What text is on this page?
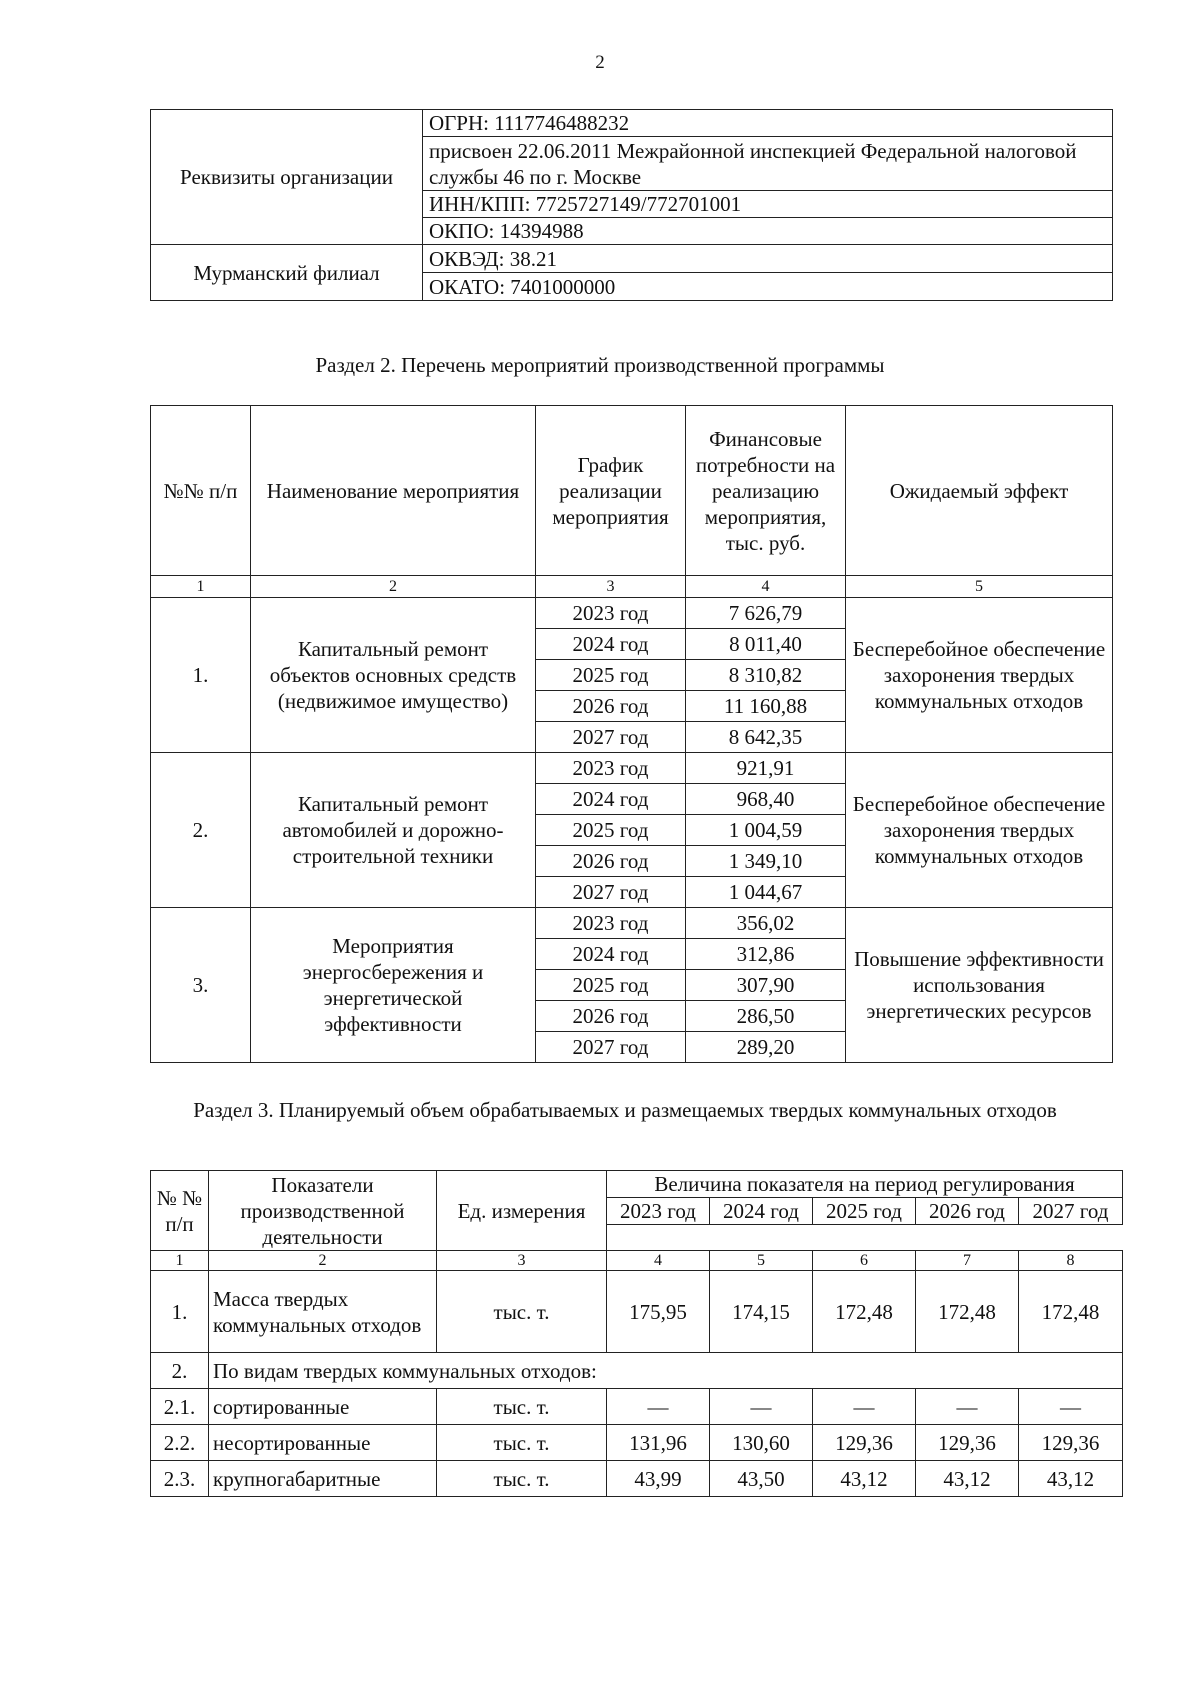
2
Реквизиты организации	ОГРН: 1117746488232
	присвоен 22.06.2011 Межрайонной инспекцией Федеральной налоговой службы 46 по г. Москве
	ИНН/КПП: 7725727149/772701001
	ОКПО: 14394988
Мурманский филиал	ОКВЭД: 38.21
	ОКАТО: 7401000000
Раздел 2. Перечень мероприятий производственной программы
№№ п/п	Наименование мероприятия	График реализации мероприятия	Финансовые потребности на реализацию мероприятия, тыс. руб.	Ожидаемый эффект
1	2	3	4	5
1.	Капитальный ремонт объектов основных средств (недвижимое имущество)	2023 год	7 626,79	Бесперебойное обеспечение захоронения твердых коммунальных отходов
		2024 год	8 011,40	
		2025 год	8 310,82	
		2026 год	11 160,88	
		2027 год	8 642,35	
2.	Капитальный ремонт автомобилей и дорожно-строительной техники	2023 год	921,91	Бесперебойное обеспечение захоронения твердых коммунальных отходов
		2024 год	968,40	
		2025 год	1 004,59	
		2026 год	1 349,10	
		2027 год	1 044,67	
3.	Мероприятия энергосбережения и энергетической эффективности	2023 год	356,02	Повышение эффективности использования энергетических ресурсов
		2024 год	312,86	
		2025 год	307,90	
		2026 год	286,50	
		2027 год	289,20	
Раздел 3. Планируемый объем обрабатываемых и размещаемых твердых коммунальных отходов
№ № п/п	Показатели производственной деятельности	Ед. измерения	Величина показателя на период регулирования				
			2023 год	2024 год	2025 год	2026 год	2027 год

1	2	3	4	5	6	7	8
1.	Масса твердых коммунальных отходов	тыс. т.	175,95	174,15	172,48	172,48	172,48
2.	По видам твердых коммунальных отходов:						
2.1.	сортированные	тыс. т.	—	—	—	—	—
2.2.	несортированные	тыс. т.	131,96	130,60	129,36	129,36	129,36
2.3.	крупногабаритные	тыс. т.	43,99	43,50	43,12	43,12	43,12
